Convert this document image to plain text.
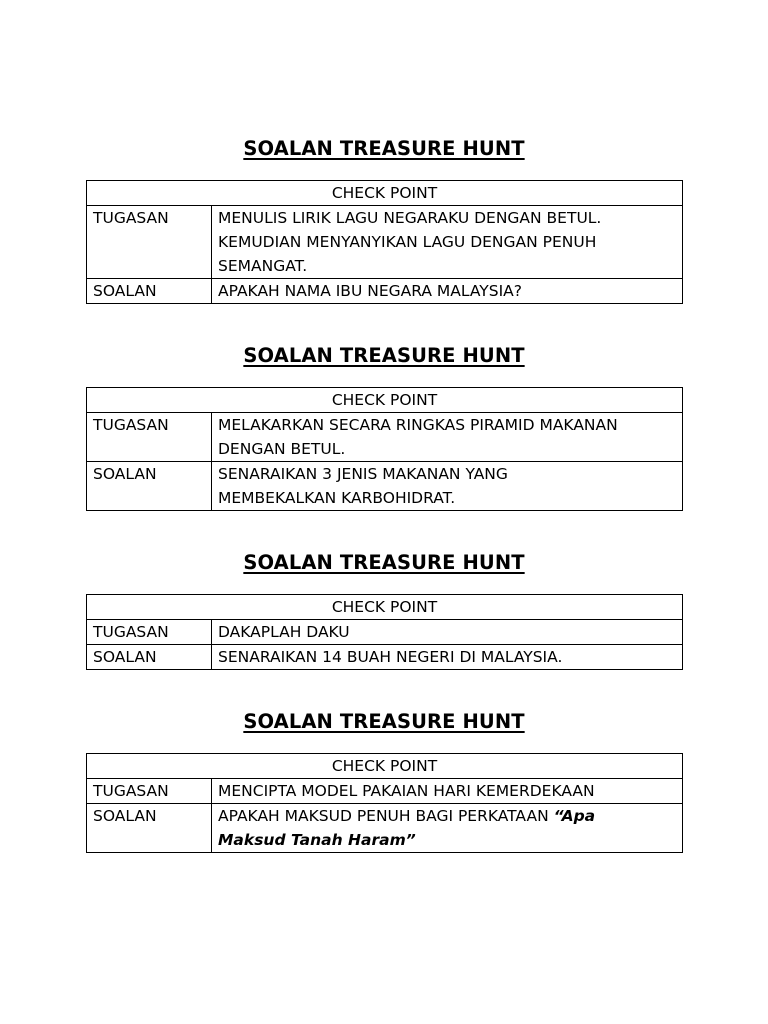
SOALAN TREASURE HUNT
CHECK POINT	
TUGASAN	MENULIS LIRIK LAGU NEGARAKU DENGAN BETUL.
KEMUDIAN MENYANYIKAN LAGU DENGAN PENUH
SEMANGAT.

SOALAN	APAKAH NAMA IBU NEGARA MALAYSIA?
SOALAN TREASURE HUNT
CHECK POINT	
TUGASAN	MELAKARKAN SECARA RINGKAS PIRAMID MAKANAN
DENGAN BETUL.

SOALAN	SENARAIKAN 3 JENIS MAKANAN YANG
MEMBEKALKAN KARBOHIDRAT.
SOALAN TREASURE HUNT
CHECK POINT	
TUGASAN	DAKAPLAH DAKU

SOALAN	SENARAIKAN 14 BUAH NEGERI DI MALAYSIA.
SOALAN TREASURE HUNT
CHECK POINT	
TUGASAN	MENCIPTA MODEL PAKAIAN HARI KEMERDEKAAN

SOALAN	APAKAH MAKSUD PENUH BAGI PERKATAAN “Apa
Maksud Tanah Haram”
